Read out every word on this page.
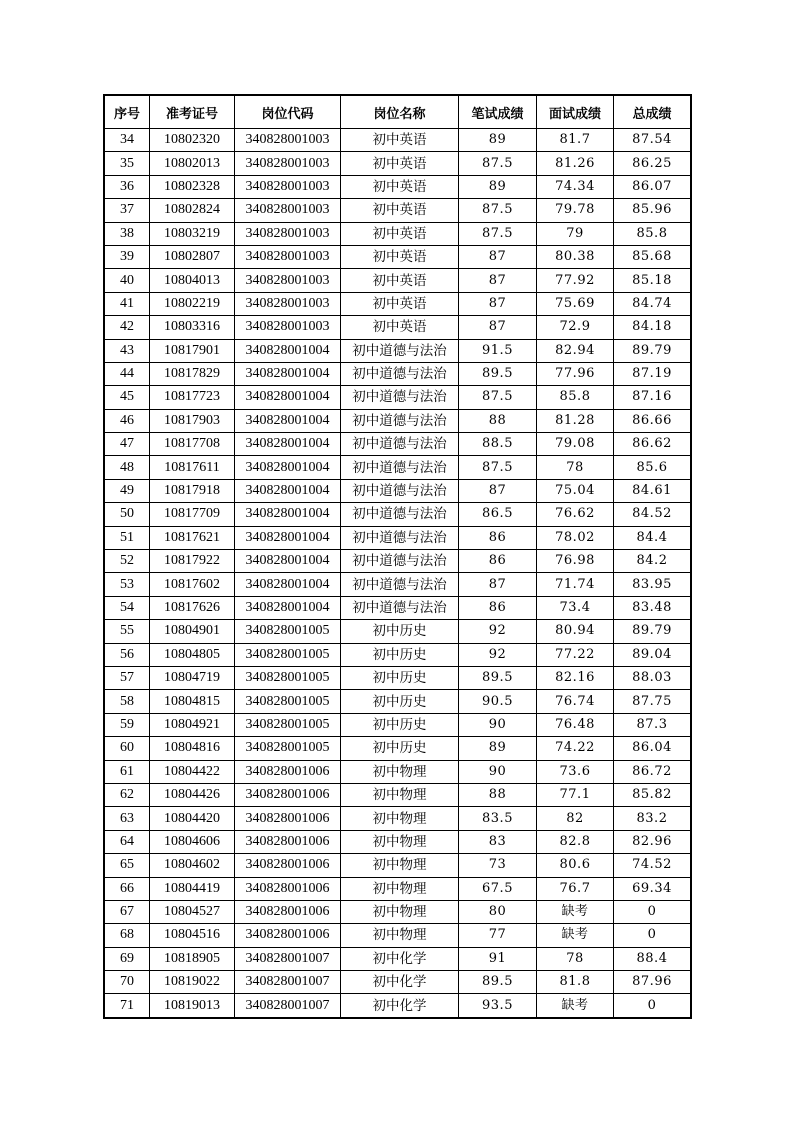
序号	准考证号	岗位代码	岗位名称	笔试成绩	面试成绩	总成绩
34	10802320	340828001003	初中英语	89	81.7	87.54
35	10802013	340828001003	初中英语	87.5	81.26	86.25
36	10802328	340828001003	初中英语	89	74.34	86.07
37	10802824	340828001003	初中英语	87.5	79.78	85.96
38	10803219	340828001003	初中英语	87.5	79	85.8
39	10802807	340828001003	初中英语	87	80.38	85.68
40	10804013	340828001003	初中英语	87	77.92	85.18
41	10802219	340828001003	初中英语	87	75.69	84.74
42	10803316	340828001003	初中英语	87	72.9	84.18
43	10817901	340828001004	初中道德与法治	91.5	82.94	89.79
44	10817829	340828001004	初中道德与法治	89.5	77.96	87.19
45	10817723	340828001004	初中道德与法治	87.5	85.8	87.16
46	10817903	340828001004	初中道德与法治	88	81.28	86.66
47	10817708	340828001004	初中道德与法治	88.5	79.08	86.62
48	10817611	340828001004	初中道德与法治	87.5	78	85.6
49	10817918	340828001004	初中道德与法治	87	75.04	84.61
50	10817709	340828001004	初中道德与法治	86.5	76.62	84.52
51	10817621	340828001004	初中道德与法治	86	78.02	84.4
52	10817922	340828001004	初中道德与法治	86	76.98	84.2
53	10817602	340828001004	初中道德与法治	87	71.74	83.95
54	10817626	340828001004	初中道德与法治	86	73.4	83.48
55	10804901	340828001005	初中历史	92	80.94	89.79
56	10804805	340828001005	初中历史	92	77.22	89.04
57	10804719	340828001005	初中历史	89.5	82.16	88.03
58	10804815	340828001005	初中历史	90.5	76.74	87.75
59	10804921	340828001005	初中历史	90	76.48	87.3
60	10804816	340828001005	初中历史	89	74.22	86.04
61	10804422	340828001006	初中物理	90	73.6	86.72
62	10804426	340828001006	初中物理	88	77.1	85.82
63	10804420	340828001006	初中物理	83.5	82	83.2
64	10804606	340828001006	初中物理	83	82.8	82.96
65	10804602	340828001006	初中物理	73	80.6	74.52
66	10804419	340828001006	初中物理	67.5	76.7	69.34
67	10804527	340828001006	初中物理	80	缺考	0
68	10804516	340828001006	初中物理	77	缺考	0
69	10818905	340828001007	初中化学	91	78	88.4
70	10819022	340828001007	初中化学	89.5	81.8	87.96
71	10819013	340828001007	初中化学	93.5	缺考	0
